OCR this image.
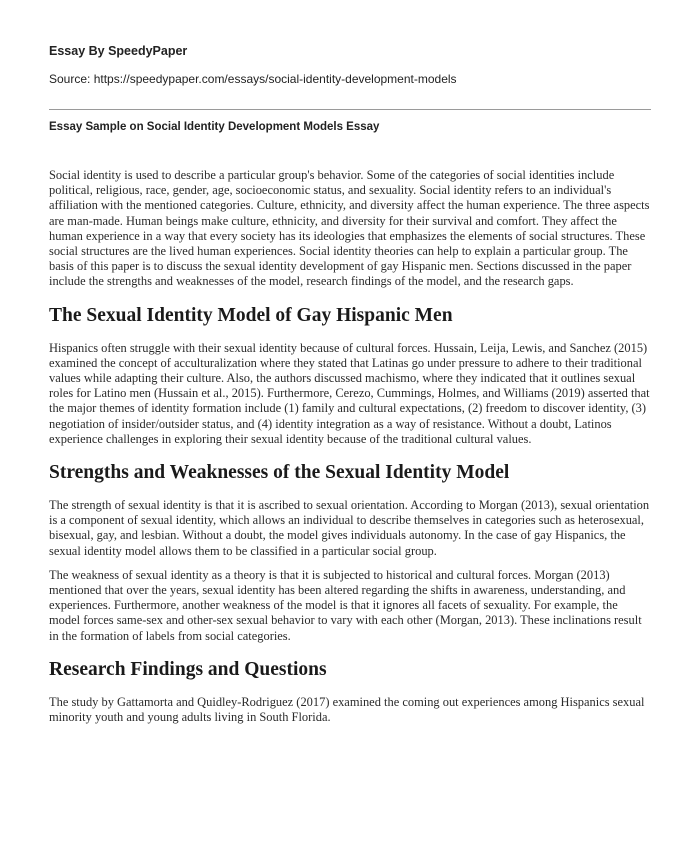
Essay By SpeedyPaper

Source: https://speedypaper.com/essays/social-identity-development-models

Essay Sample on Social Identity Development Models Essay

Social identity is used to describe a particular group's behavior. Some of the categories of social identities include political, religious, race, gender, age, socioeconomic status, and sexuality. Social identity refers to an individual's affiliation with the mentioned categories. Culture, ethnicity, and diversity affect the human experience. The three aspects are man-made. Human beings make culture, ethnicity, and diversity for their survival and comfort. They affect the human experience in a way that every society has its ideologies that emphasizes the elements of social structures. These social structures are the lived human experiences. Social identity theories can help to explain a particular group. The basis of this paper is to discuss the sexual identity development of gay Hispanic men. Sections discussed in the paper include the strengths and weaknesses of the model, research findings of the model, and the research gaps.

The Sexual Identity Model of Gay Hispanic Men

Hispanics often struggle with their sexual identity because of cultural forces. Hussain, Leija, Lewis, and Sanchez (2015) examined the concept of acculturalization where they stated that Latinas go under pressure to adhere to their traditional values while adapting their culture. Also, the authors discussed machismo, where they indicated that it outlines sexual roles for Latino men (Hussain et al., 2015). Furthermore, Cerezo, Cummings, Holmes, and Williams (2019) asserted that the major themes of identity formation include (1) family and cultural expectations, (2) freedom to discover identity, (3) negotiation of insider/outsider status, and (4) identity integration as a way of resistance. Without a doubt, Latinos experience challenges in exploring their sexual identity because of the traditional cultural values.

Strengths and Weaknesses of the Sexual Identity Model

The strength of sexual identity is that it is ascribed to sexual orientation. According to Morgan (2013), sexual orientation is a component of sexual identity, which allows an individual to describe themselves in categories such as heterosexual, bisexual, gay, and lesbian. Without a doubt, the model gives individuals autonomy. In the case of gay Hispanics, the sexual identity model allows them to be classified in a particular social group.

The weakness of sexual identity as a theory is that it is subjected to historical and cultural forces. Morgan (2013) mentioned that over the years, sexual identity has been altered regarding the shifts in awareness, understanding, and experiences. Furthermore, another weakness of the model is that it ignores all facets of sexuality. For example, the model forces same-sex and other-sex sexual behavior to vary with each other (Morgan, 2013). These inclinations result in the formation of labels from social categories.

Research Findings and Questions

The study by Gattamorta and Quidley-Rodriguez (2017) examined the coming out experiences among Hispanics sexual minority youth and young adults living in South Florida.
